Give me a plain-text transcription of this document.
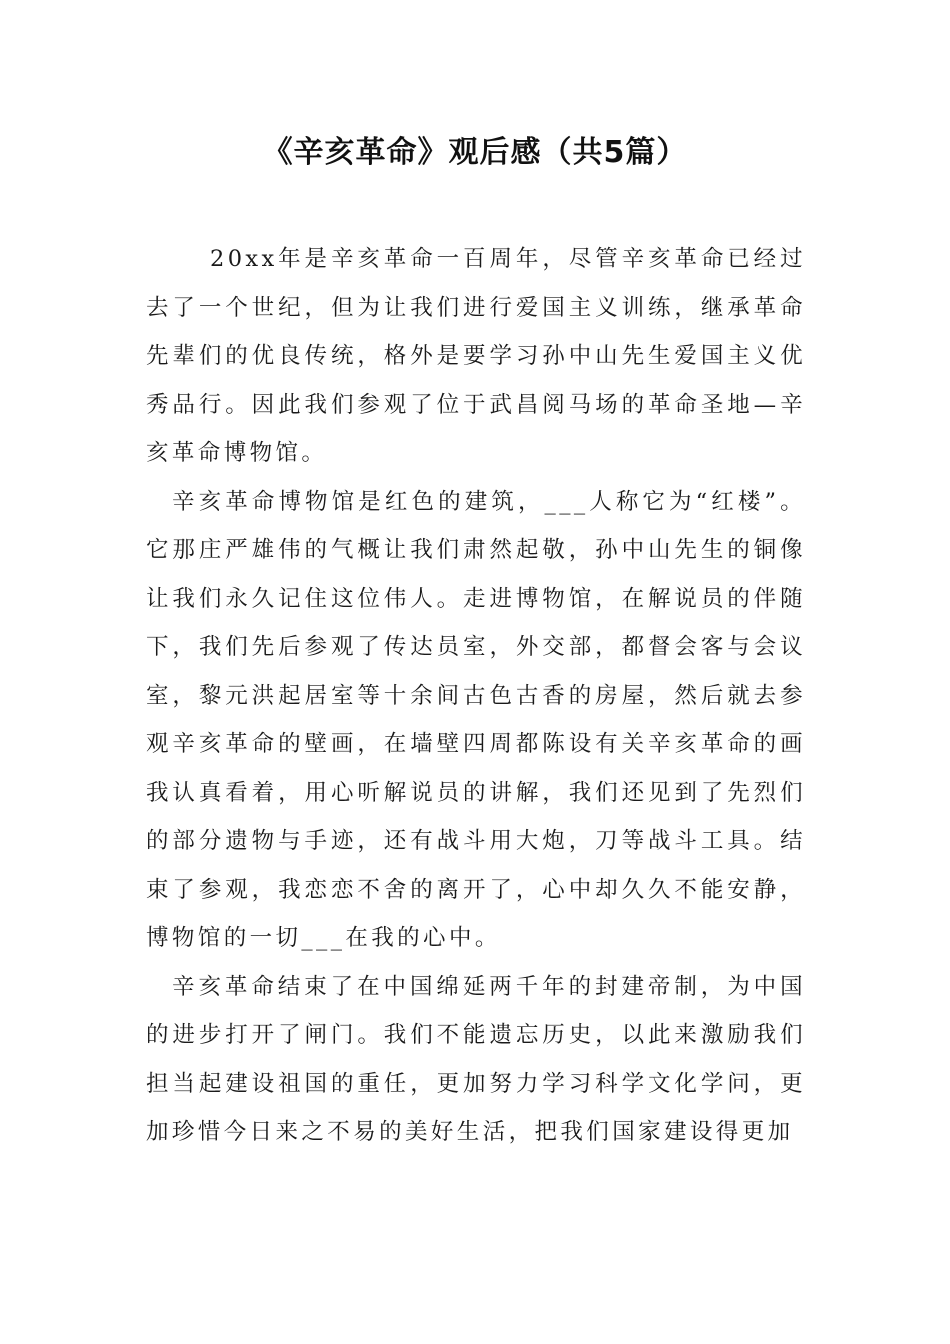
《辛亥革命》观后感（共5篇）

20xx年是辛亥革命一百周年，尽管辛亥革命已经过去了一个世纪，但为让我们进行爱国主义训练，继承革命先辈们的优良传统，格外是要学习孙中山先生爱国主义优秀品行。因此我们参观了位于武昌阅马场的革命圣地—辛亥革命博物馆。

辛亥革命博物馆是红色的建筑，___人称它为“红楼”。它那庄严雄伟的气概让我们肃然起敬，孙中山先生的铜像让我们永久记住这位伟人。走进博物馆，在解说员的伴随下，我们先后参观了传达员室，外交部，都督会客与会议室，黎元洪起居室等十余间古色古香的房屋，然后就去参观辛亥革命的壁画，在墙壁四周都陈设有关辛亥革命的画我认真看着，用心听解说员的讲解，我们还见到了先烈们的部分遗物与手迹，还有战斗用大炮，刀等战斗工具。结束了参观，我恋恋不舍的离开了，心中却久久不能安静，博物馆的一切___在我的心中。

辛亥革命结束了在中国绵延两千年的封建帝制，为中国的进步打开了闸门。我们不能遗忘历史，以此来激励我们担当起建设祖国的重任，更加努力学习科学文化学问，更加珍惜今日来之不易的美好生活，把我们国家建设得更加
